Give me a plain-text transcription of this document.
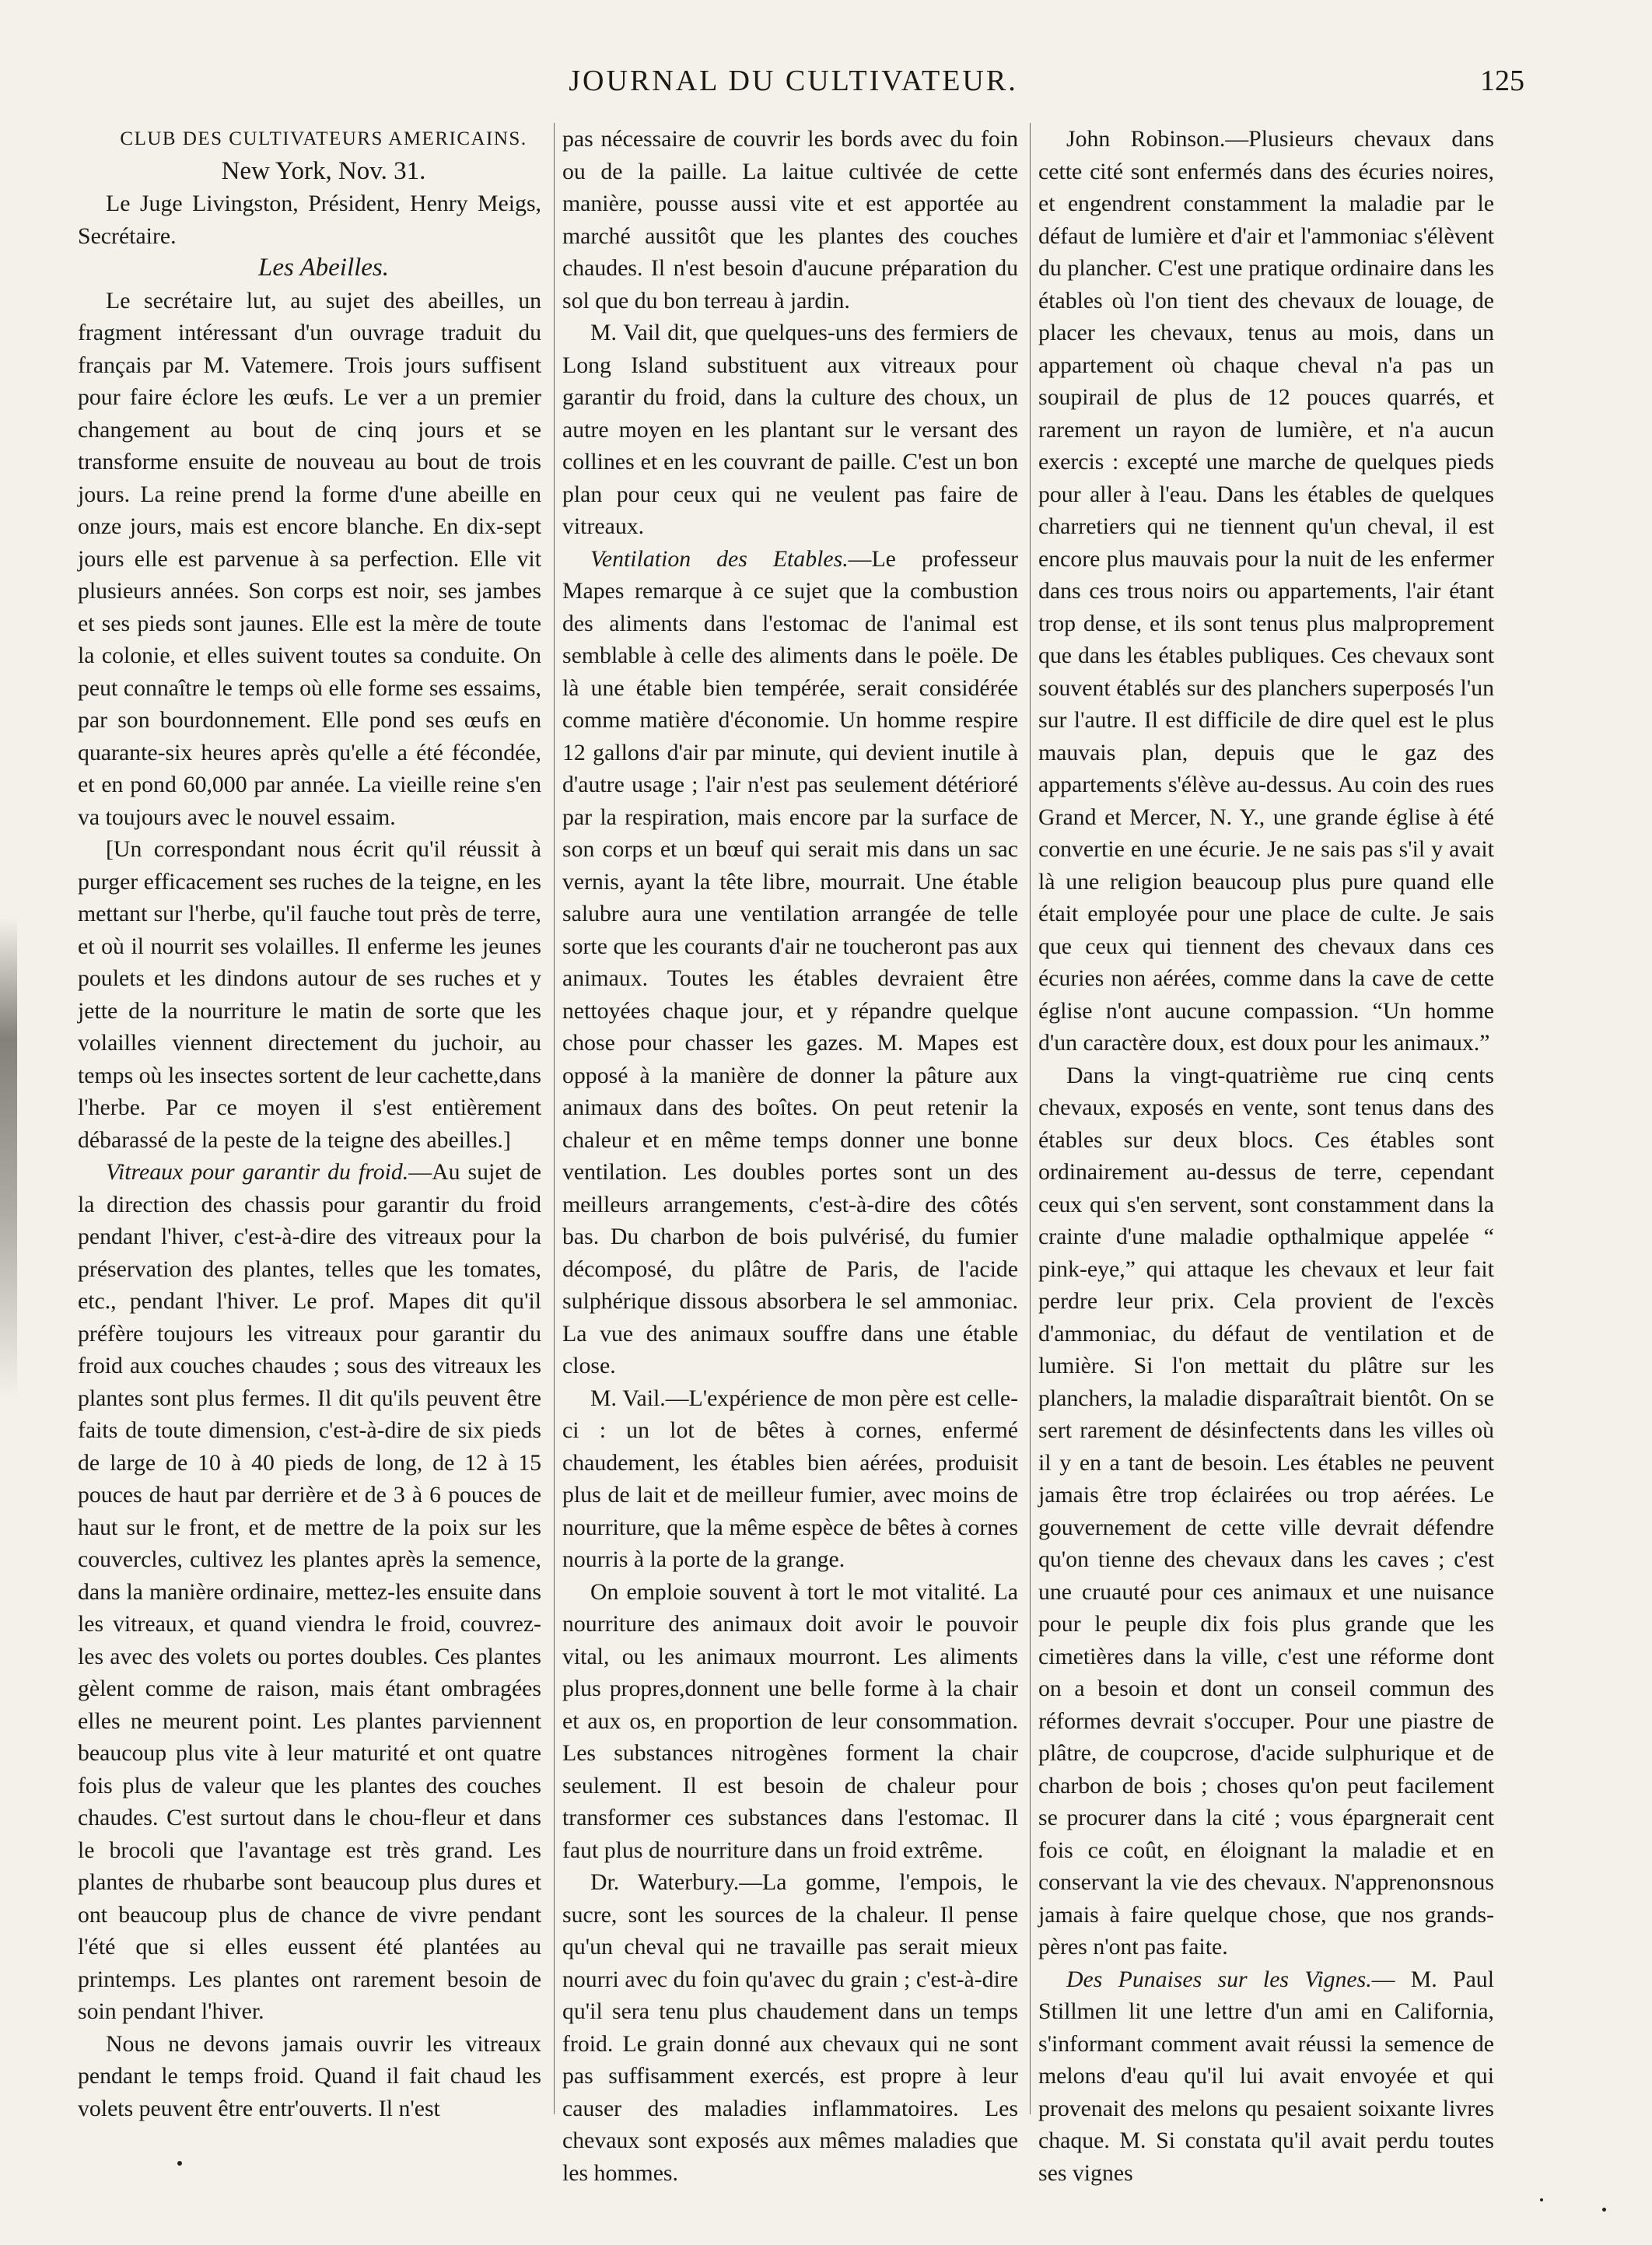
JOURNAL DU CULTIVATEUR.	125

CLUB DES CULTIVATEURS AMERICAINS.

New York, Nov. 31.

Le Juge Livingston, Président, Henry Meigs, Secrétaire.

Les Abeilles.

Le secrétaire lut, au sujet des abeilles, un fragment intéressant d'un ouvrage traduit du français par M. Vatemere. Trois jours suffisent pour faire éclore les œufs. Le ver a un premier changement au bout de cinq jours et se transforme ensuite de nouveau au bout de trois jours. La reine prend la forme d'une abeille en onze jours, mais est encore blanche. En dix-sept jours elle est parvenue à sa perfection. Elle vit plusieurs années. Son corps est noir, ses jambes et ses pieds sont jaunes. Elle est la mère de toute la colonie, et elles suivent toutes sa conduite. On peut connaître le temps où elle forme ses essaims, par son bourdonnement. Elle pond ses œufs en quarante-six heures après qu'elle a été fécondée, et en pond 60,000 par année. La vieille reine s'en va toujours avec le nouvel essaim.

[Un correspondant nous écrit qu'il réussit à purger efficacement ses ruches de la teigne, en les mettant sur l'herbe, qu'il fauche tout près de terre, et où il nourrit ses volailles. Il enferme les jeunes poulets et les dindons autour de ses ruches et y jette de la nourriture le matin de sorte que les volailles viennent directement du juchoir, au temps où les insectes sortent de leur cachette,dans l'herbe. Par ce moyen il s'est entièrement débarassé de la peste de la teigne des abeilles.]

Vitreaux pour garantir du froid.—Au sujet de la direction des chassis pour garantir du froid pendant l'hiver, c'est-à-dire des vitreaux pour la préservation des plantes, telles que les tomates, etc., pendant l'hiver. Le prof. Mapes dit qu'il préfère toujours les vitreaux pour garantir du froid aux couches chaudes ; sous des vitreaux les plantes sont plus fermes. Il dit qu'ils peuvent être faits de toute dimension, c'est-à-dire de six pieds de large de 10 à 40 pieds de long, de 12 à 15 pouces de haut par derrière et de 3 à 6 pouces de haut sur le front, et de mettre de la poix sur les couvercles, cultivez les plantes après la semence, dans la manière ordinaire, mettez-les ensuite dans les vitreaux, et quand viendra le froid, couvrez-les avec des volets ou portes doubles. Ces plantes gèlent comme de raison, mais étant ombragées elles ne meurent point. Les plantes parviennent beaucoup plus vite à leur maturité et ont quatre fois plus de valeur que les plantes des couches chaudes. C'est surtout dans le chou-fleur et dans le brocoli que l'avantage est très grand. Les plantes de rhubarbe sont beaucoup plus dures et ont beaucoup plus de chance de vivre pendant l'été que si elles eussent été plantées au printemps. Les plantes ont rarement besoin de soin pendant l'hiver.

Nous ne devons jamais ouvrir les vitreaux pendant le temps froid. Quand il fait chaud les volets peuvent être entr'ouverts. Il n'est

pas nécessaire de couvrir les bords avec du foin ou de la paille. La laitue cultivée de cette manière, pousse aussi vite et est apportée au marché aussitôt que les plantes des couches chaudes. Il n'est besoin d'aucune préparation du sol que du bon terreau à jardin.

M. Vail dit, que quelques-uns des fermiers de Long Island substituent aux vitreaux pour garantir du froid, dans la culture des choux, un autre moyen en les plantant sur le versant des collines et en les couvrant de paille. C'est un bon plan pour ceux qui ne veulent pas faire de vitreaux.

Ventilation des Etables.—Le professeur Mapes remarque à ce sujet que la combustion des aliments dans l'estomac de l'animal est semblable à celle des aliments dans le poële. De là une étable bien tempérée, serait considérée comme matière d'économie. Un homme respire 12 gallons d'air par minute, qui devient inutile à d'autre usage ; l'air n'est pas seulement détérioré par la respiration, mais encore par la surface de son corps et un bœuf qui serait mis dans un sac vernis, ayant la tête libre, mourrait. Une étable salubre aura une ventilation arrangée de telle sorte que les courants d'air ne toucheront pas aux animaux. Toutes les étables devraient être nettoyées chaque jour, et y répandre quelque chose pour chasser les gazes. M. Mapes est opposé à la manière de donner la pâture aux animaux dans des boîtes. On peut retenir la chaleur et en même temps donner une bonne ventilation. Les doubles portes sont un des meilleurs arrangements, c'est-à-dire des côtés bas. Du charbon de bois pulvérisé, du fumier décomposé, du plâtre de Paris, de l'acide sulphérique dissous absorbera le sel ammoniac. La vue des animaux souffre dans une étable close.

M. Vail.—L'expérience de mon père est celle-ci : un lot de bêtes à cornes, enfermé chaudement, les étables bien aérées, produisit plus de lait et de meilleur fumier, avec moins de nourriture, que la même espèce de bêtes à cornes nourris à la porte de la grange.

On emploie souvent à tort le mot vitalité. La nourriture des animaux doit avoir le pouvoir vital, ou les animaux mourront. Les aliments plus propres,donnent une belle forme à la chair et aux os, en proportion de leur consommation. Les substances nitrogènes forment la chair seulement. Il est besoin de chaleur pour transformer ces substances dans l'estomac. Il faut plus de nourriture dans un froid extrême.

Dr. Waterbury.—La gomme, l'empois, le sucre, sont les sources de la chaleur. Il pense qu'un cheval qui ne travaille pas serait mieux nourri avec du foin qu'avec du grain ; c'est-à-dire qu'il sera tenu plus chaudement dans un temps froid. Le grain donné aux chevaux qui ne sont pas suffisamment exercés, est propre à leur causer des maladies inflammatoires. Les chevaux sont exposés aux mêmes maladies que les hommes.

John Robinson.—Plusieurs chevaux dans cette cité sont enfermés dans des écuries noires, et engendrent constamment la maladie par le défaut de lumière et d'air et l'ammoniac s'élèvent du plancher. C'est une pratique ordinaire dans les étables où l'on tient des chevaux de louage, de placer les chevaux, tenus au mois, dans un appartement où chaque cheval n'a pas un soupirail de plus de 12 pouces quarrés, et rarement un rayon de lumière, et n'a aucun exercis : excepté une marche de quelques pieds pour aller à l'eau. Dans les étables de quelques charretiers qui ne tiennent qu'un cheval, il est encore plus mauvais pour la nuit de les enfermer dans ces trous noirs ou appartements, l'air étant trop dense, et ils sont tenus plus malproprement que dans les étables publiques. Ces chevaux sont souvent établés sur des planchers superposés l'un sur l'autre. Il est difficile de dire quel est le plus mauvais plan, depuis que le gaz des appartements s'élève au-dessus. Au coin des rues Grand et Mercer, N. Y., une grande église à été convertie en une écurie. Je ne sais pas s'il y avait là une religion beaucoup plus pure quand elle était employée pour une place de culte. Je sais que ceux qui tiennent des chevaux dans ces écuries non aérées, comme dans la cave de cette église n'ont aucune compassion. “Un homme d'un caractère doux, est doux pour les animaux.”

Dans la vingt-quatrième rue cinq cents chevaux, exposés en vente, sont tenus dans des étables sur deux blocs. Ces étables sont ordinairement au-dessus de terre, cependant ceux qui s'en servent, sont constamment dans la crainte d'une maladie opthalmique appelée “ pink-eye,” qui attaque les chevaux et leur fait perdre leur prix. Cela provient de l'excès d'ammoniac, du défaut de ventilation et de lumière. Si l'on mettait du plâtre sur les planchers, la maladie disparaîtrait bientôt. On se sert rarement de désinfectents dans les villes où il y en a tant de besoin. Les étables ne peuvent jamais être trop éclairées ou trop aérées. Le gouvernement de cette ville devrait défendre qu'on tienne des chevaux dans les caves ; c'est une cruauté pour ces animaux et une nuisance pour le peuple dix fois plus grande que les cimetières dans la ville, c'est une réforme dont on a besoin et dont un conseil commun des réformes devrait s'occuper. Pour une piastre de plâtre, de coupcrose, d'acide sulphurique et de charbon de bois ; choses qu'on peut facilement se procurer dans la cité ; vous épargnerait cent fois ce coût, en éloignant la maladie et en conservant la vie des chevaux. N'apprenonsnous jamais à faire quelque chose, que nos grands-pères n'ont pas faite.

Des Punaises sur les Vignes.— M. Paul Stillmen lit une lettre d'un ami en California, s'informant comment avait réussi la semence de melons d'eau qu'il lui avait envoyée et qui provenait des melons qu pesaient soixante livres chaque. M. Si constata qu'il avait perdu toutes ses vignes
